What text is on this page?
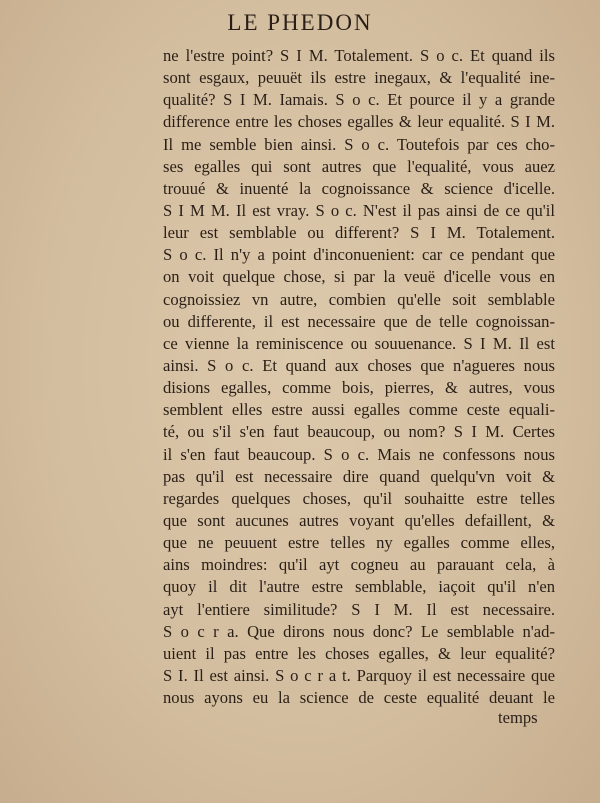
LE PHEDON
ne l'estre point? S I M. Totalement. S o c. Et quand ils
sont esgaux, peuuët ils estre inegaux, & l'equalité ine-
qualité? S I M. Iamais. S o c. Et pource il y a grande
difference entre les choses egalles & leur equalité. S I M.
Il me semble bien ainsi. S o c. Toutefois par ces cho-
ses egalles qui sont autres que l'equalité, vous auez
trouué & inuenté la cognoissance & science d'icelle.
S I M M. Il est vray. S o c. N'est il pas ainsi de ce qu'il
leur est semblable ou different? S I M. Totalement.
S o c. Il n'y a point d'inconuenient: car ce pendant que
on voit quelque chose, si par la veuë d'icelle vous en
cognoissiez vn autre, combien qu'elle soit semblable
ou differente, il est necessaire que de telle cognoissan-
ce vienne la reminiscence ou souuenance. S I M. Il est
ainsi. S o c. Et quand aux choses que n'agueres nous
disions egalles, comme bois, pierres, & autres, vous
semblent elles estre aussi egalles comme ceste equali-
té, ou s'il s'en faut beaucoup, ou nom? S I M. Certes
il s'en faut beaucoup. S o c. Mais ne confessons nous
pas qu'il est necessaire dire quand quelqu'vn voit &
regardes quelques choses, qu'il souhaitte estre telles
que sont aucunes autres voyant qu'elles defaillent, &
que ne peuuent estre telles ny egalles comme elles,
ains moindres: qu'il ayt cogneu au parauant cela, à
quoy il dit l'autre estre semblable, iaçoit qu'il n'en
ayt l'entiere similitude? S I M. Il est necessaire.
S o c r a. Que dirons nous donc? Le semblable n'ad-
uient il pas entre les choses egalles, & leur equalité?
S I. Il est ainsi. S o c r a t. Parquoy il est necessaire que
nous ayons eu la science de ceste equalité deuant le
temps
